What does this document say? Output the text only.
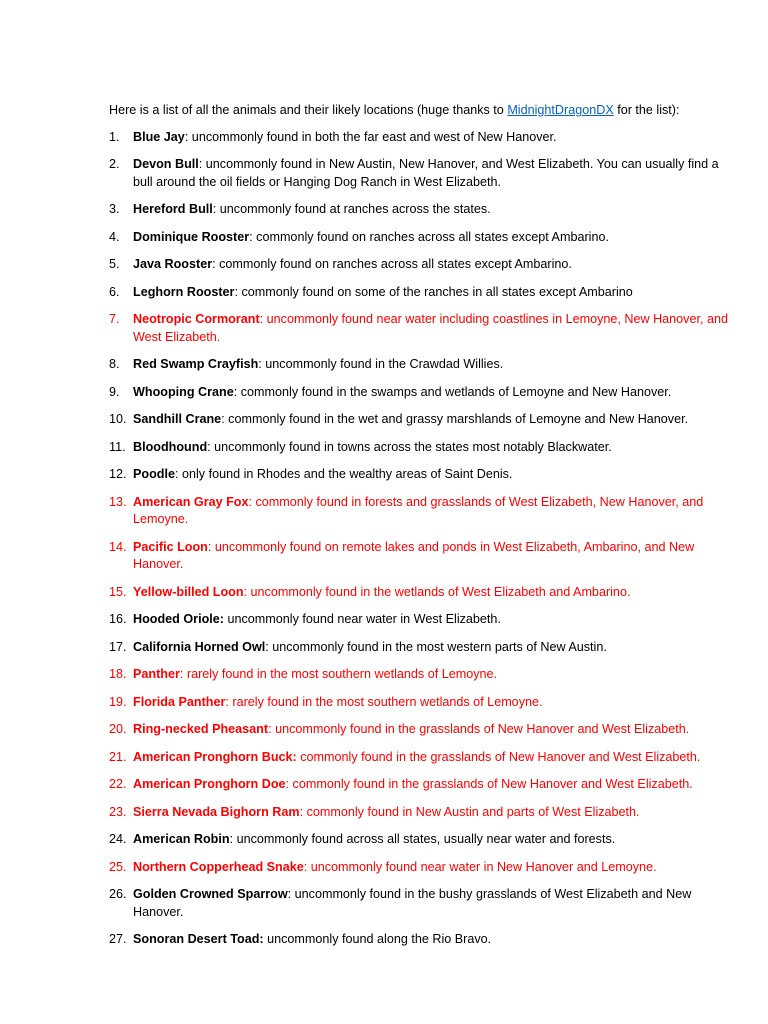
Here is a list of all the animals and their likely locations (huge thanks to MidnightDragonDX for the list):

1. Blue Jay: uncommonly found in both the far east and west of New Hanover.
2. Devon Bull: uncommonly found in New Austin, New Hanover, and West Elizabeth. You can usually find a bull around the oil fields or Hanging Dog Ranch in West Elizabeth.
3. Hereford Bull: uncommonly found at ranches across the states.
4. Dominique Rooster: commonly found on ranches across all states except Ambarino.
5. Java Rooster: commonly found on ranches across all states except Ambarino.
6. Leghorn Rooster: commonly found on some of the ranches in all states except Ambarino
7. Neotropic Cormorant: uncommonly found near water including coastlines in Lemoyne, New Hanover, and West Elizabeth.
8. Red Swamp Crayfish: uncommonly found in the Crawdad Willies.
9. Whooping Crane: commonly found in the swamps and wetlands of Lemoyne and New Hanover.
10. Sandhill Crane: commonly found in the wet and grassy marshlands of Lemoyne and New Hanover.
11. Bloodhound: uncommonly found in towns across the states most notably Blackwater.
12. Poodle: only found in Rhodes and the wealthy areas of Saint Denis.
13. American Gray Fox: commonly found in forests and grasslands of West Elizabeth, New Hanover, and Lemoyne.
14. Pacific Loon: uncommonly found on remote lakes and ponds in West Elizabeth, Ambarino, and New Hanover.
15. Yellow-billed Loon: uncommonly found in the wetlands of West Elizabeth and Ambarino.
16. Hooded Oriole: uncommonly found near water in West Elizabeth.
17. California Horned Owl: uncommonly found in the most western parts of New Austin.
18. Panther: rarely found in the most southern wetlands of Lemoyne.
19. Florida Panther: rarely found in the most southern wetlands of Lemoyne.
20. Ring-necked Pheasant: uncommonly found in the grasslands of New Hanover and West Elizabeth.
21. American Pronghorn Buck: commonly found in the grasslands of New Hanover and West Elizabeth.
22. American Pronghorn Doe: commonly found in the grasslands of New Hanover and West Elizabeth.
23. Sierra Nevada Bighorn Ram: commonly found in New Austin and parts of West Elizabeth.
24. American Robin: uncommonly found across all states, usually near water and forests.
25. Northern Copperhead Snake: uncommonly found near water in New Hanover and Lemoyne.
26. Golden Crowned Sparrow: uncommonly found in the bushy grasslands of West Elizabeth and New Hanover.
27. Sonoran Desert Toad: uncommonly found along the Rio Bravo.
